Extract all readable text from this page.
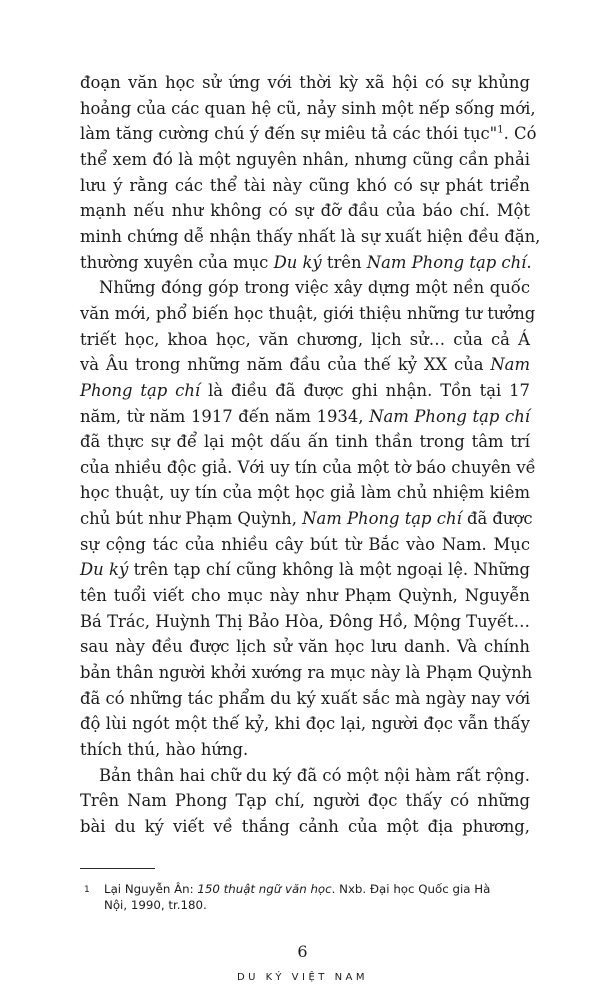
đoạn văn học sử ứng với thời kỳ xã hội có sự khủng
hoảng của các quan hệ cũ, nảy sinh một nếp sống mới,
làm tăng cường chú ý đến sự miêu tả các thói tục"$^1$. Có
thể xem đó là một nguyên nhân, nhưng cũng cần phải
lưu ý rằng các thể tài này cũng khó có sự phát triển
mạnh nếu như không có sự đỡ đầu của báo chí. Một
minh chứng dễ nhận thấy nhất là sự xuất hiện đều đặn,
thường xuyên của mục Du ký trên Nam Phong tạp chí.
Những đóng góp trong việc xây dựng một nền quốc
văn mới, phổ biến học thuật, giới thiệu những tư tưởng
triết học, khoa học, văn chương, lịch sử… của cả Á
và Âu trong những năm đầu của thế kỷ XX của Nam
Phong tạp chí là điều đã được ghi nhận. Tồn tại 17
năm, từ năm 1917 đến năm 1934, Nam Phong tạp chí
đã thực sự để lại một dấu ấn tinh thần trong tâm trí
của nhiều độc giả. Với uy tín của một tờ báo chuyên về
học thuật, uy tín của một học giả làm chủ nhiệm kiêm
chủ bút như Phạm Quỳnh, Nam Phong tạp chí đã được
sự cộng tác của nhiều cây bút từ Bắc vào Nam. Mục
Du ký trên tạp chí cũng không là một ngoại lệ. Những
tên tuổi viết cho mục này như Phạm Quỳnh, Nguyễn
Bá Trác, Huỳnh Thị Bảo Hòa, Đông Hồ, Mộng Tuyết…
sau này đều được lịch sử văn học lưu danh. Và chính
bản thân người khởi xướng ra mục này là Phạm Quỳnh
đã có những tác phẩm du ký xuất sắc mà ngày nay với
độ lùi ngót một thế kỷ, khi đọc lại, người đọc vẫn thấy
thích thú, hào hứng.
1 Lại Nguyễn Ân: 150 thuật ngữ văn học. Nxb. Đại học Quốc gia Hà
Nội, 1990, tr.180.
6
DU KÝ VIỆT NAM
Bản thân hai chữ du ký đã có một nội hàm rất rộng.
Trên Nam Phong Tạp chí, người đọc thấy có những
bài du ký viết về thắng cảnh của một địa phương,
